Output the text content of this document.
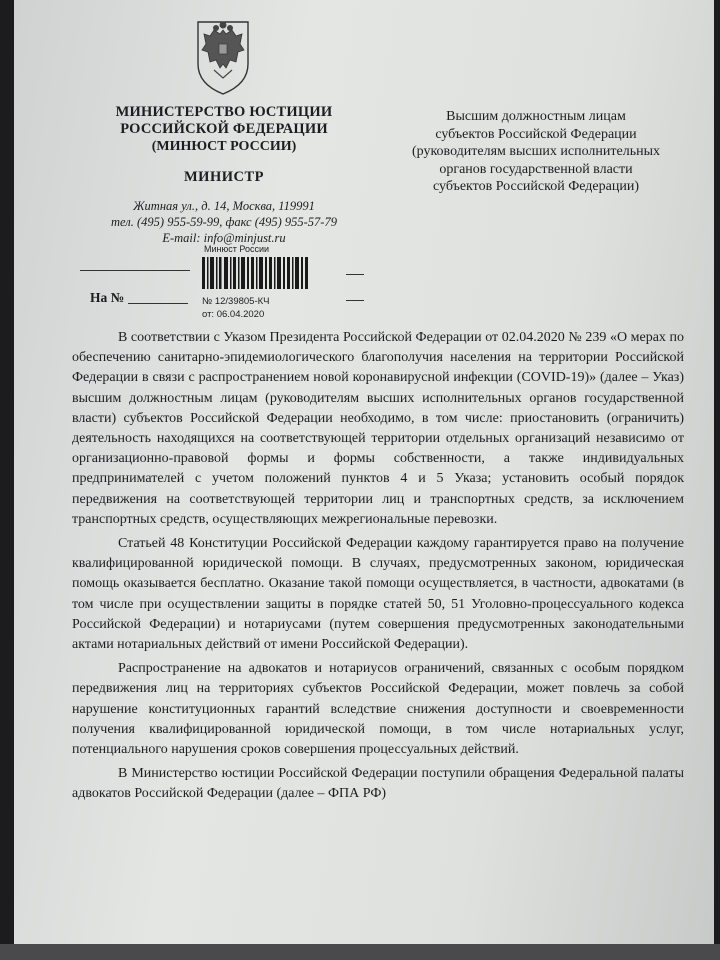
МИНИСТЕРСТВО ЮСТИЦИИ
РОССИЙСКОЙ ФЕДЕРАЦИИ
(МИНЮСТ РОССИИ)
МИНИСТР
Житная ул., д. 14, Москва, 119991
тел. (495) 955-59-99, факс (495) 955-57-79
E-mail: info@minjust.ru
Высшим должностным лицам
субъектов Российской Федерации
(руководителям высших исполнительных
органов государственной власти
субъектов Российской Федерации)
На №
Минюст России
№ 12/39805-КЧ
от: 06.04.2020

В соответствии с Указом Президента Российской Федерации от 02.04.2020 № 239 «О мерах по обеспечению санитарно-эпидемиологического благополучия населения на территории Российской Федерации в связи с распространением новой коронавирусной инфекции (COVID-19)» (далее – Указ) высшим должностным лицам (руководителям высших исполнительных органов государственной власти) субъектов Российской Федерации необходимо, в том числе: приостановить (ограничить) деятельность находящихся на соответствующей территории отдельных организаций независимо от организационно-правовой формы и формы собственности, а также индивидуальных предпринимателей с учетом положений пунктов 4 и 5 Указа; установить особый порядок передвижения на соответствующей территории лиц и транспортных средств, за исключением транспортных средств, осуществляющих межрегиональные перевозки.

Статьей 48 Конституции Российской Федерации каждому гарантируется право на получение квалифицированной юридической помощи. В случаях, предусмотренных законом, юридическая помощь оказывается бесплатно. Оказание такой помощи осуществляется, в частности, адвокатами (в том числе при осуществлении защиты в порядке статей 50, 51 Уголовно-процессуального кодекса Российской Федерации) и нотариусами (путем совершения предусмотренных законодательными актами нотариальных действий от имени Российской Федерации).

Распространение на адвокатов и нотариусов ограничений, связанных с особым порядком передвижения лиц на территориях субъектов Российской Федерации, может повлечь за собой нарушение конституционных гарантий вследствие снижения доступности и своевременности получения квалифицированной юридической помощи, в том числе нотариальных услуг, потенциального нарушения сроков совершения процессуальных действий.

В Министерство юстиции Российской Федерации поступили обращения Федеральной палаты адвокатов Российской Федерации (далее – ФПА РФ)
